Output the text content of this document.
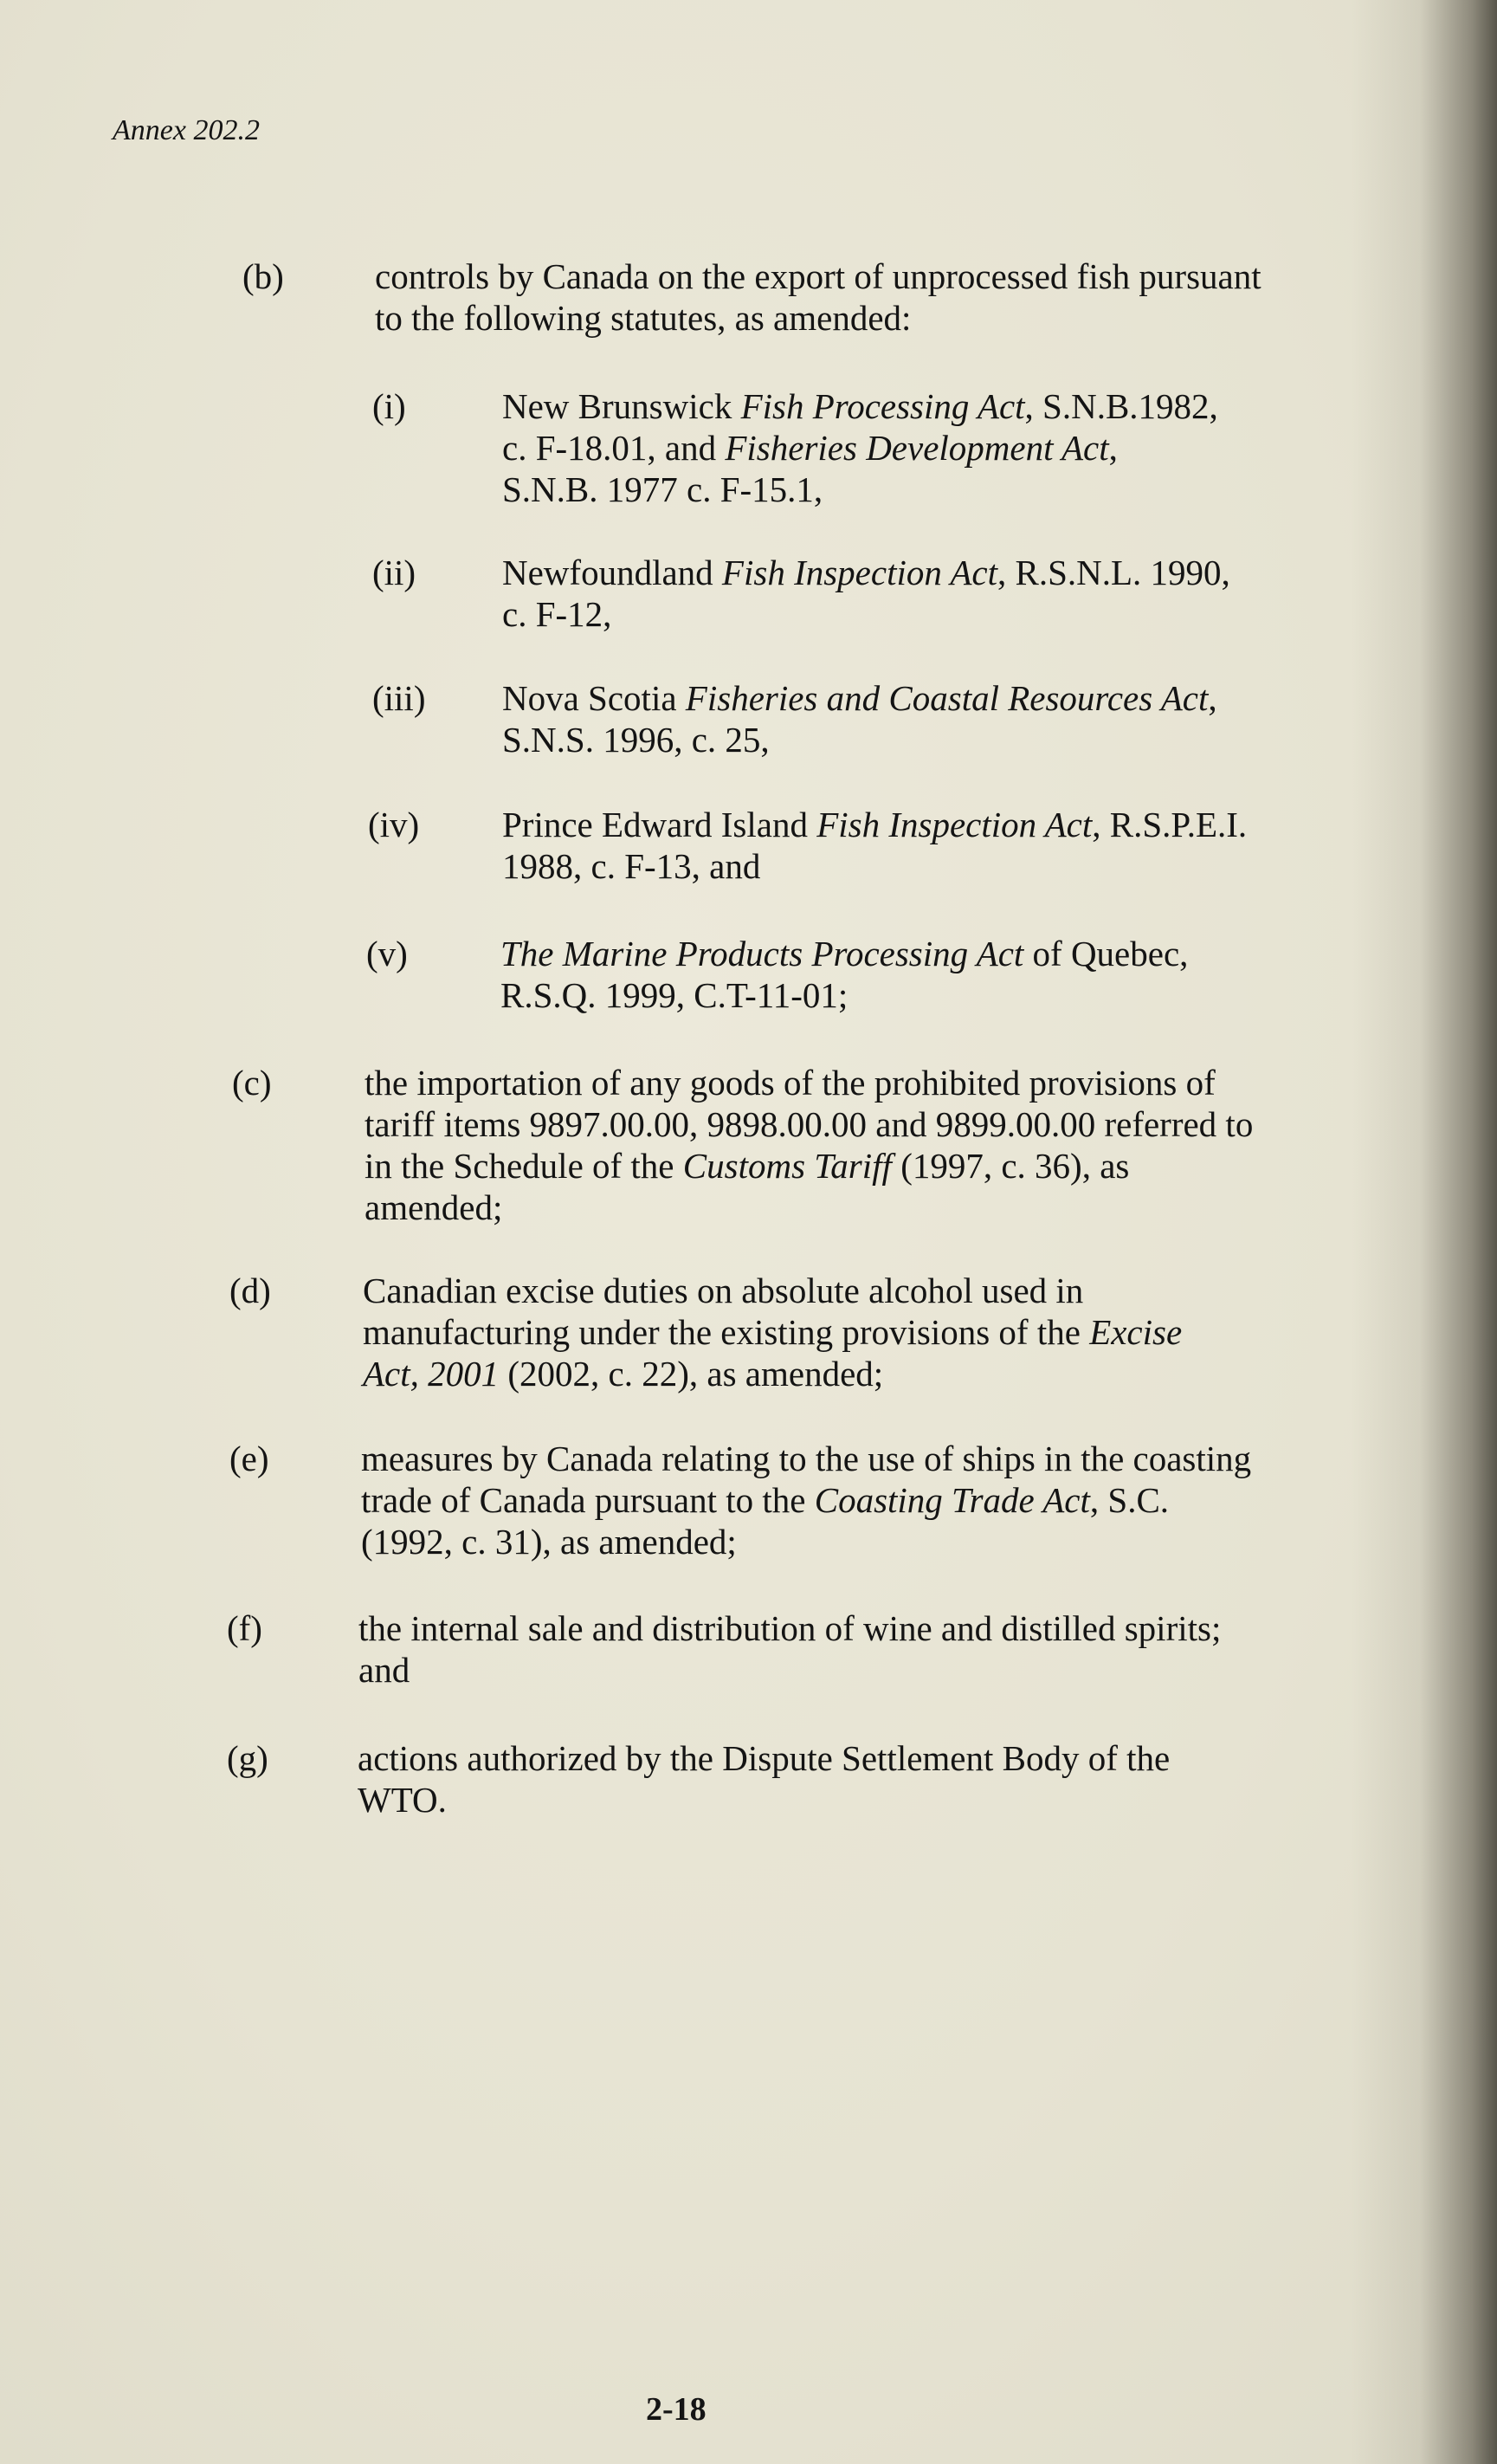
Annex 202.2
(b)	controls by Canada on the export of unprocessed fish pursuant
to the following statutes, as amended:
(i)	New Brunswick Fish Processing Act, S.N.B.1982,
c. F-18.01, and Fisheries Development Act,
S.N.B. 1977 c. F-15.1,
(ii) Newfoundland Fish Inspection Act, R.S.N.L. 1990,
c. F-12,
(iii) Nova Scotia Fisheries and Coastal Resources Act,
S.N.S. 1996, c. 25,
(iv) Prince Edward Island Fish Inspection Act, R.S.P.E.I.
1988, c. F-13, and
(v)	The Marine Products Processing Act of Quebec,
R.S.Q. 1999, C.T-11-01;
(c)	the importation of any goods of the prohibited provisions of
tariff items 9897.00.00, 9898.00.00 and 9899.00.00 referred to
in the Schedule of the Customs Tariff (1997, c. 36), as
amended;
(d)	Canadian excise duties on absolute alcohol used in
manufacturing under the existing provisions of the Excise
Act, 2001 (2002, c. 22), as amended;
(e)	measures by Canada relating to the use of ships in the coasting
trade of Canada pursuant to the Coasting Trade Act, S.C.
(1992, c. 31), as amended;
(f)	the internal sale and distribution of wine and distilled spirits;
and
(g)	actions authorized by the Dispute Settlement Body of the
WTO.
2-18
